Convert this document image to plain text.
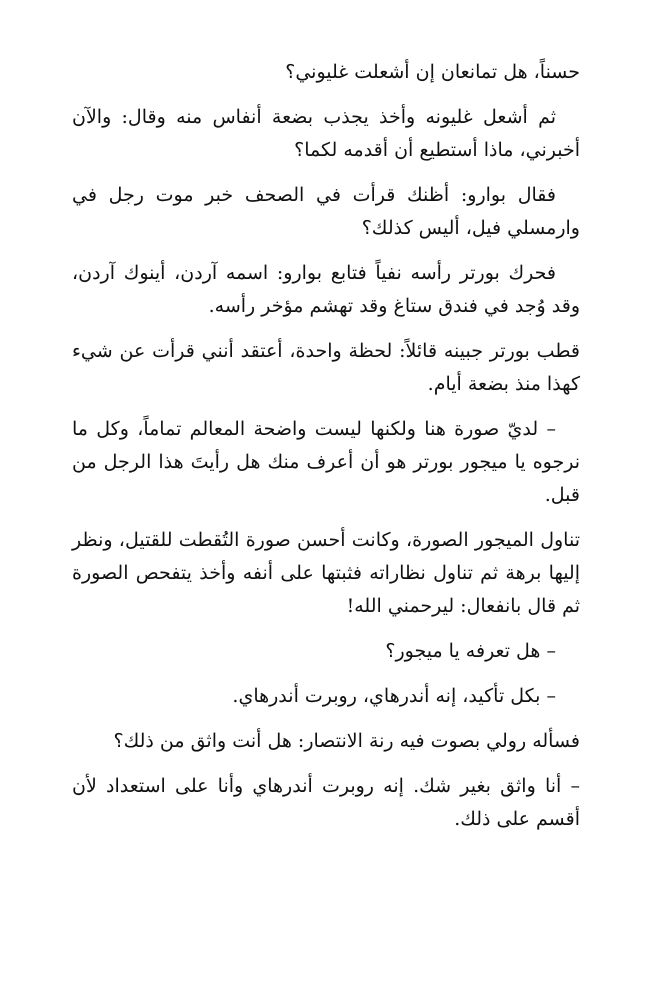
حسناً، هل تمانعان إن أشعلت غليوني؟

ثم أشعل غليونه وأخذ يجذب بضعة أنفاس منه وقال: والآن أخبرني، ماذا أستطيع أن أقدمه لكما؟

فقال بوارو: أظنك قرأت في الصحف خبر موت رجل في وارمسلي فيل، أليس كذلك؟

فحرك بورتر رأسه نفياً فتابع بوارو: اسمه آردن، أينوك آردن، وقد وُجد في فندق ستاغ وقد تهشم مؤخر رأسه.

قطب بورتر جبينه قائلاً: لحظة واحدة، أعتقد أنني قرأت عن شيء كهذا منذ بضعة أيام.

– لديّ صورة هنا ولكنها ليست واضحة المعالم تماماً، وكل ما نرجوه يا ميجور بورتر هو أن أعرف منك هل رأيتَ هذا الرجل من قبل.

تناول الميجور الصورة، وكانت أحسن صورة التُقطت للقتيل، ونظر إليها برهة ثم تناول نظاراته فثبتها على أنفه وأخذ يتفحص الصورة ثم قال بانفعال: ليرحمني الله!

– هل تعرفه يا ميجور؟

– بكل تأكيد، إنه أندرهاي، روبرت أندرهاي.

فسأله رولي بصوت فيه رنة الانتصار: هل أنت واثق من ذلك؟

– أنا واثق بغير شك. إنه روبرت أندرهاي وأنا على استعداد لأن أقسم على ذلك.
